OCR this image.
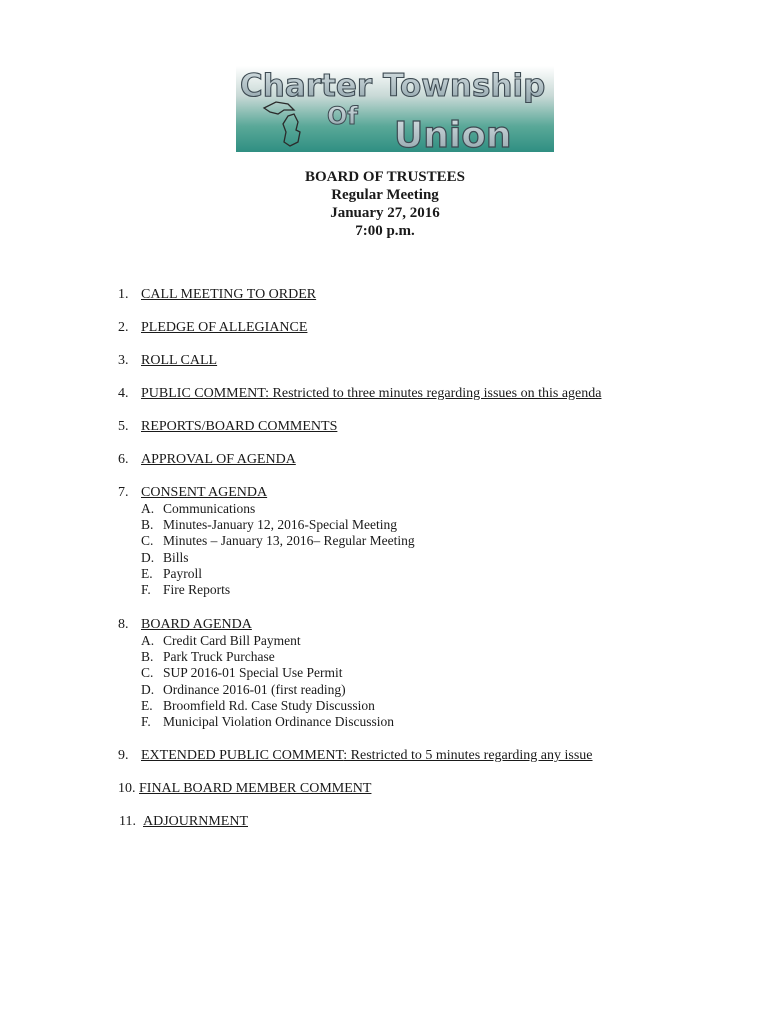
Charter Township
Of Union
BOARD OF TRUSTEES
Regular Meeting
January 27, 2016
7:00 p.m.
1. CALL MEETING TO ORDER
2. PLEDGE OF ALLEGIANCE
3. ROLL CALL
4. PUBLIC COMMENT: Restricted to three minutes regarding issues on this agenda
5. REPORTS/BOARD COMMENTS
6. APPROVAL OF AGENDA
7. CONSENT AGENDA
A. Communications
B. Minutes-January 12, 2016-Special Meeting
C. Minutes – January 13, 2016– Regular Meeting
D. Bills
E. Payroll
F. Fire Reports
8. BOARD AGENDA
A. Credit Card Bill Payment
B. Park Truck Purchase
C. SUP 2016-01 Special Use Permit
D. Ordinance 2016-01 (first reading)
E. Broomfield Rd. Case Study Discussion
F. Municipal Violation Ordinance Discussion
9. EXTENDED PUBLIC COMMENT: Restricted to 5 minutes regarding any issue
10. FINAL BOARD MEMBER COMMENT
11. ADJOURNMENT
